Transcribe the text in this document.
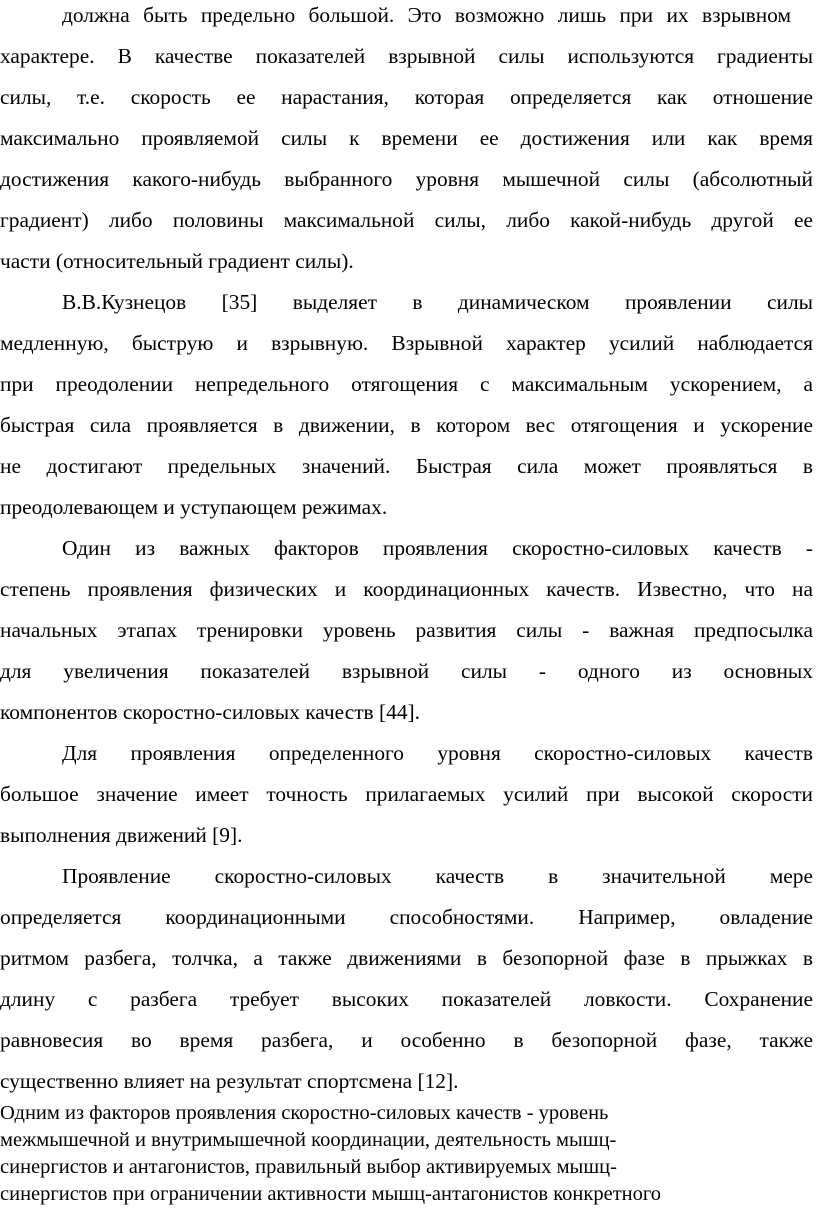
должна быть предельно большой. Это возможно лишь при их взрывном
характере. В качестве показателей взрывной силы используются градиенты
силы, т.е. скорость ее нарастания, которая определяется как отношение
максимально проявляемой силы к времени ее достижения или как время
достижения какого-нибудь выбранного уровня мышечной силы (абсолютный
градиент) либо половины максимальной силы, либо какой-нибудь другой ее
части (относительный градиент силы).
В.В.Кузнецов [35] выделяет в динамическом проявлении силы
медленную, быструю и взрывную. Взрывной характер усилий наблюдается
при преодолении непредельного отягощения с максимальным ускорением, а
быстрая сила проявляется в движении, в котором вес отягощения и ускорение
не достигают предельных значений. Быстрая сила может проявляться в
преодолевающем и уступающем режимах.
Один из важных факторов проявления скоростно-силовых качеств -
степень проявления физических и координационных качеств. Известно, что на
начальных этапах тренировки уровень развития силы - важная предпосылка
для увеличения показателей взрывной силы - одного из основных
компонентов скоростно-силовых качеств [44].
Для проявления определенного уровня скоростно-силовых качеств
большое значение имеет точность прилагаемых усилий при высокой скорости
выполнения движений [9].
Проявление скоростно-силовых качеств в значительной мере
определяется координационными способностями. Например, овладение
ритмом разбега, толчка, а также движениями в безопорной фазе в прыжках в
длину с разбега требует высоких показателей ловкости. Сохранение
равновесия во время разбега, и особенно в безопорной фазе, также
существенно влияет на результат спортсмена [12].
Одним из факторов проявления скоростно-силовых качеств - уровень
межмышечной и внутримышечной координации, деятельность мышц-
синергистов и антагонистов, правильный выбор активируемых мышц-
синергистов при ограничении активности мышц-антагонистов конкретного
